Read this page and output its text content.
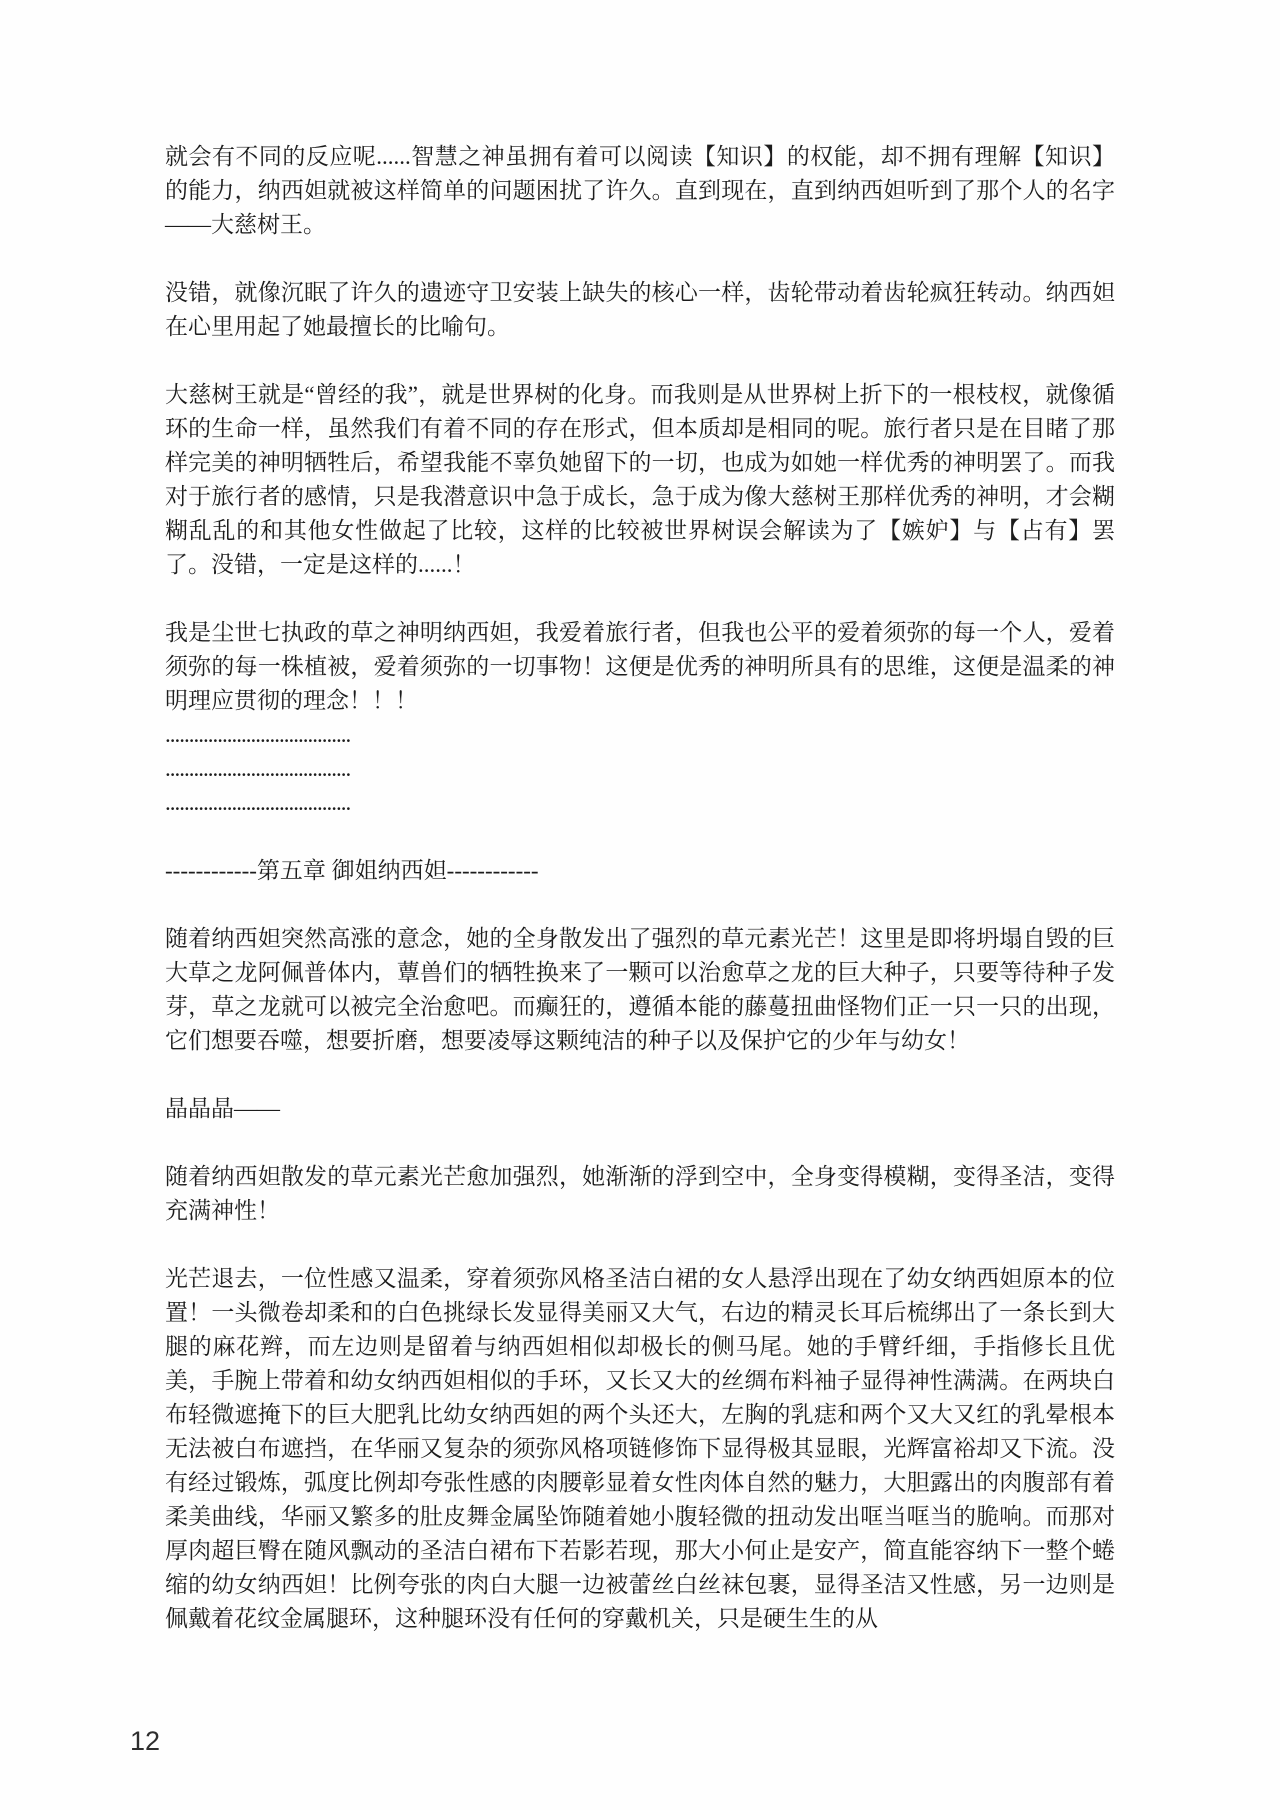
就会有不同的反应呢......智慧之神虽拥有着可以阅读【知识】的权能，却不拥有理解【知识】的能力，纳西妲就被这样简单的问题困扰了许久。直到现在，直到纳西妲听到了那个人的名字——大慈树王。

没错，就像沉眠了许久的遗迹守卫安装上缺失的核心一样，齿轮带动着齿轮疯狂转动。纳西妲在心里用起了她最擅长的比喻句。

大慈树王就是“曾经的我”，就是世界树的化身。而我则是从世界树上折下的一根枝杈，就像循环的生命一样，虽然我们有着不同的存在形式，但本质却是相同的呢。旅行者只是在目睹了那样完美的神明牺牲后，希望我能不辜负她留下的一切，也成为如她一样优秀的神明罢了。而我对于旅行者的感情，只是我潜意识中急于成长，急于成为像大慈树王那样优秀的神明，才会糊糊乱乱的和其他女性做起了比较，这样的比较被世界树误会解读为了【嫉妒】与【占有】罢了。没错，一定是这样的......！

我是尘世七执政的草之神明纳西妲，我爱着旅行者，但我也公平的爱着须弥的每一个人，爱着须弥的每一株植被，爱着须弥的一切事物！这便是优秀的神明所具有的思维，这便是温柔的神明理应贯彻的理念！！！

.......................................

.......................................

.......................................

------------第五章 御姐纳西妲------------

随着纳西妲突然高涨的意念，她的全身散发出了强烈的草元素光芒！这里是即将坍塌自毁的巨大草之龙阿佩普体内，蕈兽们的牺牲换来了一颗可以治愈草之龙的巨大种子，只要等待种子发芽，草之龙就可以被完全治愈吧。而癫狂的，遵循本能的藤蔓扭曲怪物们正一只一只的出现，它们想要吞噬，想要折磨，想要凌辱这颗纯洁的种子以及保护它的少年与幼女！

晶晶晶——

随着纳西妲散发的草元素光芒愈加强烈，她渐渐的浮到空中，全身变得模糊，变得圣洁，变得充满神性！

光芒退去，一位性感又温柔，穿着须弥风格圣洁白裙的女人悬浮出现在了幼女纳西妲原本的位置！一头微卷却柔和的白色挑绿长发显得美丽又大气，右边的精灵长耳后梳绑出了一条长到大腿的麻花辫，而左边则是留着与纳西妲相似却极长的侧马尾。她的手臂纤细，手指修长且优美，手腕上带着和幼女纳西妲相似的手环，又长又大的丝绸布料袖子显得神性满满。在两块白布轻微遮掩下的巨大肥乳比幼女纳西妲的两个头还大，左胸的乳痣和两个又大又红的乳晕根本无法被白布遮挡，在华丽又复杂的须弥风格项链修饰下显得极其显眼，光辉富裕却又下流。没有经过锻炼，弧度比例却夸张性感的肉腰彰显着女性肉体自然的魅力，大胆露出的肉腹部有着柔美曲线，华丽又繁多的肚皮舞金属坠饰随着她小腹轻微的扭动发出哐当哐当的脆响。而那对厚肉超巨臀在随风飘动的圣洁白裙布下若影若现，那大小何止是安产，简直能容纳下一整个蜷缩的幼女纳西妲！比例夸张的肉白大腿一边被蕾丝白丝袜包裹，显得圣洁又性感，另一边则是佩戴着花纹金属腿环，这种腿环没有任何的穿戴机关，只是硬生生的从

12
